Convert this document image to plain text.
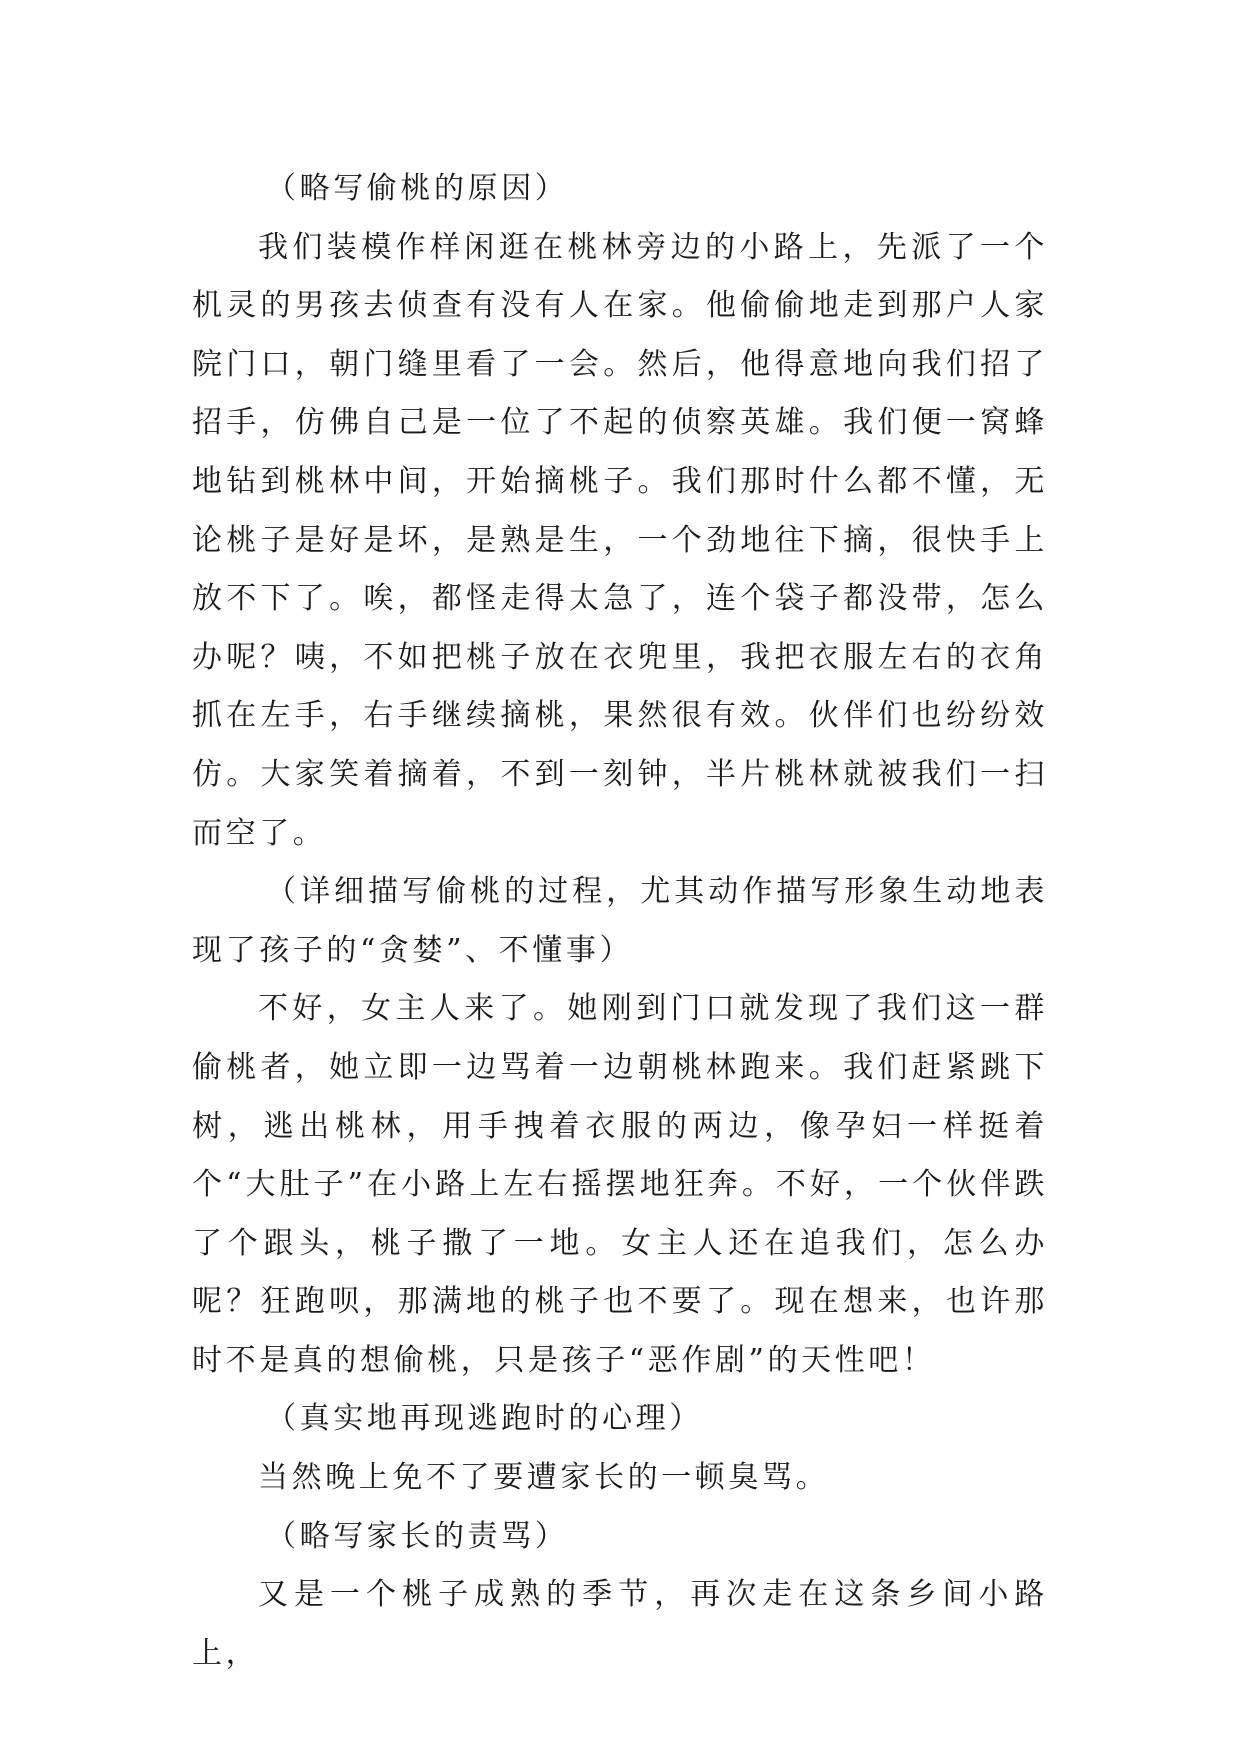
（略写偷桃的原因）

我们装模作样闲逛在桃林旁边的小路上，先派了一个机灵的男孩去侦查有没有人在家。他偷偷地走到那户人家院门口，朝门缝里看了一会。然后，他得意地向我们招了招手，仿佛自己是一位了不起的侦察英雄。我们便一窝蜂地钻到桃林中间，开始摘桃子。我们那时什么都不懂，无论桃子是好是坏，是熟是生，一个劲地往下摘，很快手上放不下了。唉，都怪走得太急了，连个袋子都没带，怎么办呢？咦，不如把桃子放在衣兜里，我把衣服左右的衣角抓在左手，右手继续摘桃，果然很有效。伙伴们也纷纷效仿。大家笑着摘着，不到一刻钟，半片桃林就被我们一扫而空了。

（详细描写偷桃的过程，尤其动作描写形象生动地表现了孩子的“贪婪”、不懂事）

不好，女主人来了。她刚到门口就发现了我们这一群偷桃者，她立即一边骂着一边朝桃林跑来。我们赶紧跳下树，逃出桃林，用手拽着衣服的两边，像孕妇一样挺着个“大肚子”在小路上左右摇摆地狂奔。不好，一个伙伴跌了个跟头，桃子撒了一地。女主人还在追我们，怎么办呢？狂跑呗，那满地的桃子也不要了。现在想来，也许那时不是真的想偷桃，只是孩子“恶作剧”的天性吧！

（真实地再现逃跑时的心理）

当然晚上免不了要遭家长的一顿臭骂。

（略写家长的责骂）

又是一个桃子成熟的季节，再次走在这条乡间小路上，
